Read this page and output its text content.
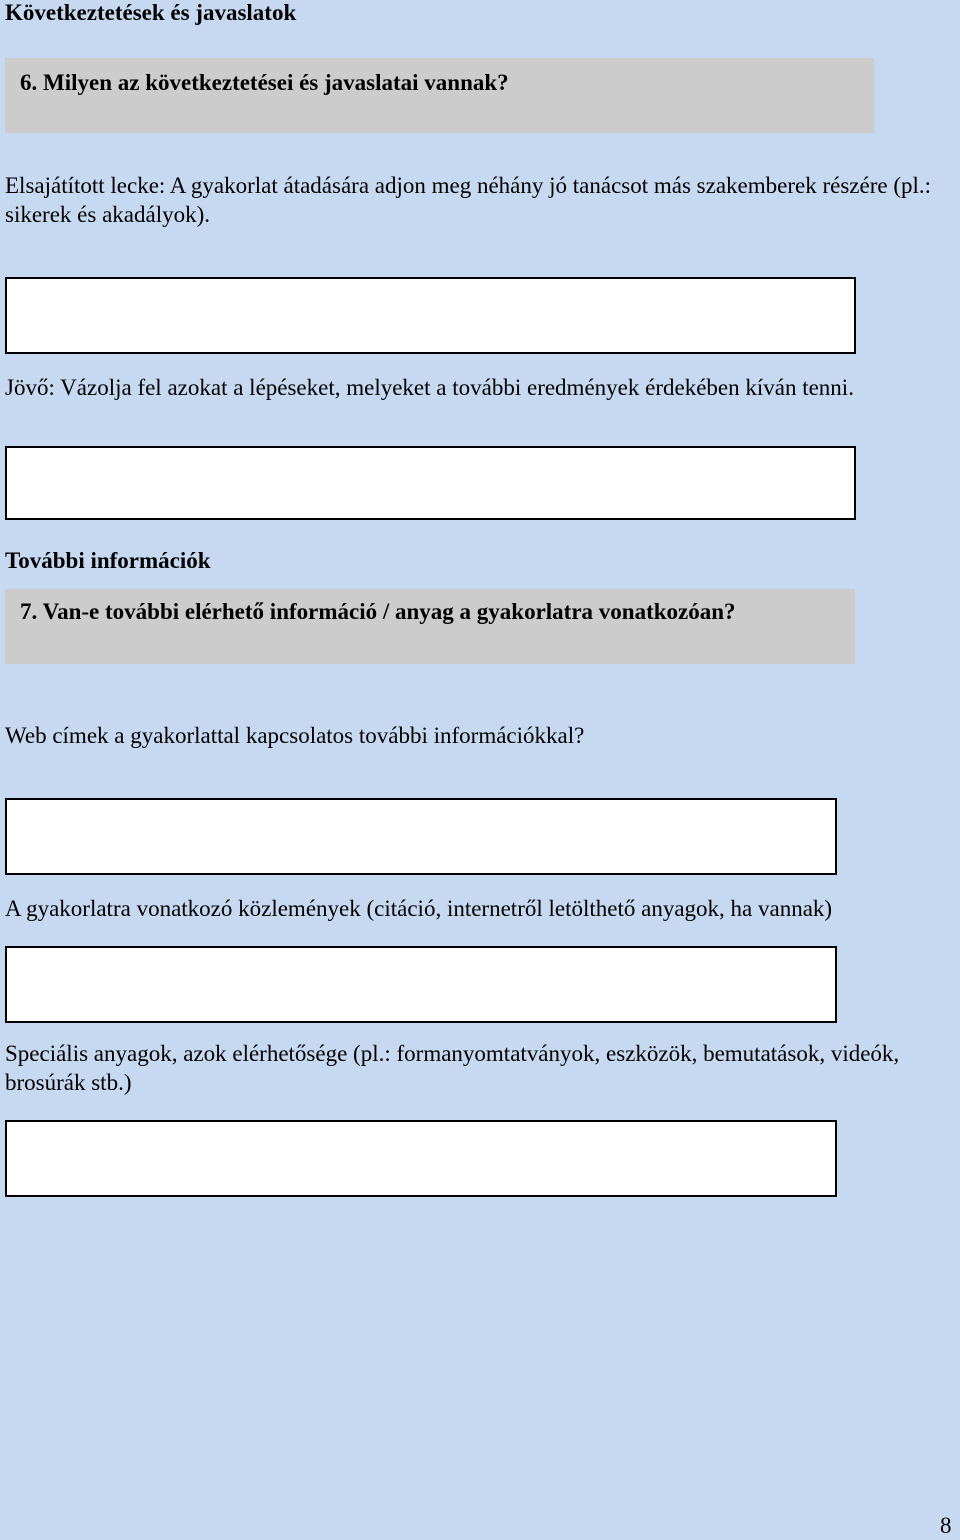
Következtetések és javaslatok
6. Milyen az következtetései és javaslatai vannak?
Elsajátított lecke: A gyakorlat átadására adjon meg néhány jó tanácsot más szakemberek részére (pl.: sikerek és akadályok).
Jövő: Vázolja fel azokat a lépéseket, melyeket a további eredmények érdekében kíván tenni.
További információk
7. Van-e további elérhető információ / anyag a gyakorlatra vonatkozóan?
Web címek a gyakorlattal kapcsolatos további információkkal?
A gyakorlatra vonatkozó közlemények (citáció, internetről letölthető anyagok, ha vannak)
Speciális anyagok, azok elérhetősége (pl.: formanyomtatványok, eszközök, bemutatások, videók, brosúrák stb.)
8
